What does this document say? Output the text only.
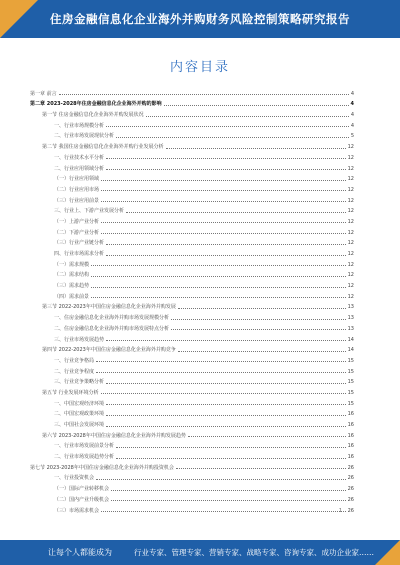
住房金融信息化企业海外并购财务风险控制策略研究报告
内容目录
第一章 前言	4
第二章 2023-2028年住房金融信息化企业海外并购的影响	4
第一节 住房金融信息化企业海外并购发展状况	4
一、行业市场规模分析	4
二、行业市场发展现状分析	5
第二节 我国住房金融信息化企业海外并购行业发展分析	12
一、行业技术水平分析	12
二、行业应用领域分析	12
（一）行业应用领域	12
（二）行业应用市场	12
（三）行业应用前景	12
三、行业上、下游产业发展分析	12
（一）上游产业分析	12
（二）下游产业分析	12
（三）行业产业链分析	12
四、行业市场需求分析	12
（一）需求规模	12
（二）需求结构	12
（三）需求趋势	12
（四）需求前景	12
第三节 2022-2023年中国住房金融信息化企业海外并购发展	13
一、住房金融信息化企业海外并购市场发展规模分析	13
二、住房金融信息化企业海外并购市场发展特点分析	13
三、行业市场发展趋势	14
第四节 2022-2023年中国住房金融信息化企业海外并购竞争	14
一、行业竞争格局	15
二、行业竞争程度	15
三、行业竞争策略分析	15
第五节 行业发展环境分析	15
一、中国宏观经济环境	15
二、中国宏观政策环境	16
三、中国社会发展环境	16
第六节 2023-2028年中国住房金融信息化企业海外并购发展趋势	16
一、行业市场发展前景分析	16
二、行业市场发展趋势分析	16
第七节 2023-2028年中国住房金融信息化企业海外并购投资机会	26
一、行业投资机会	26
（一）国际产业转移机会	26
（二）国内产业升级机会	26
（三）市场需求机会	26
1
让每个人都能成为	行业专家、管理专家、营销专家、战略专家、咨询专家、成功企业家……
